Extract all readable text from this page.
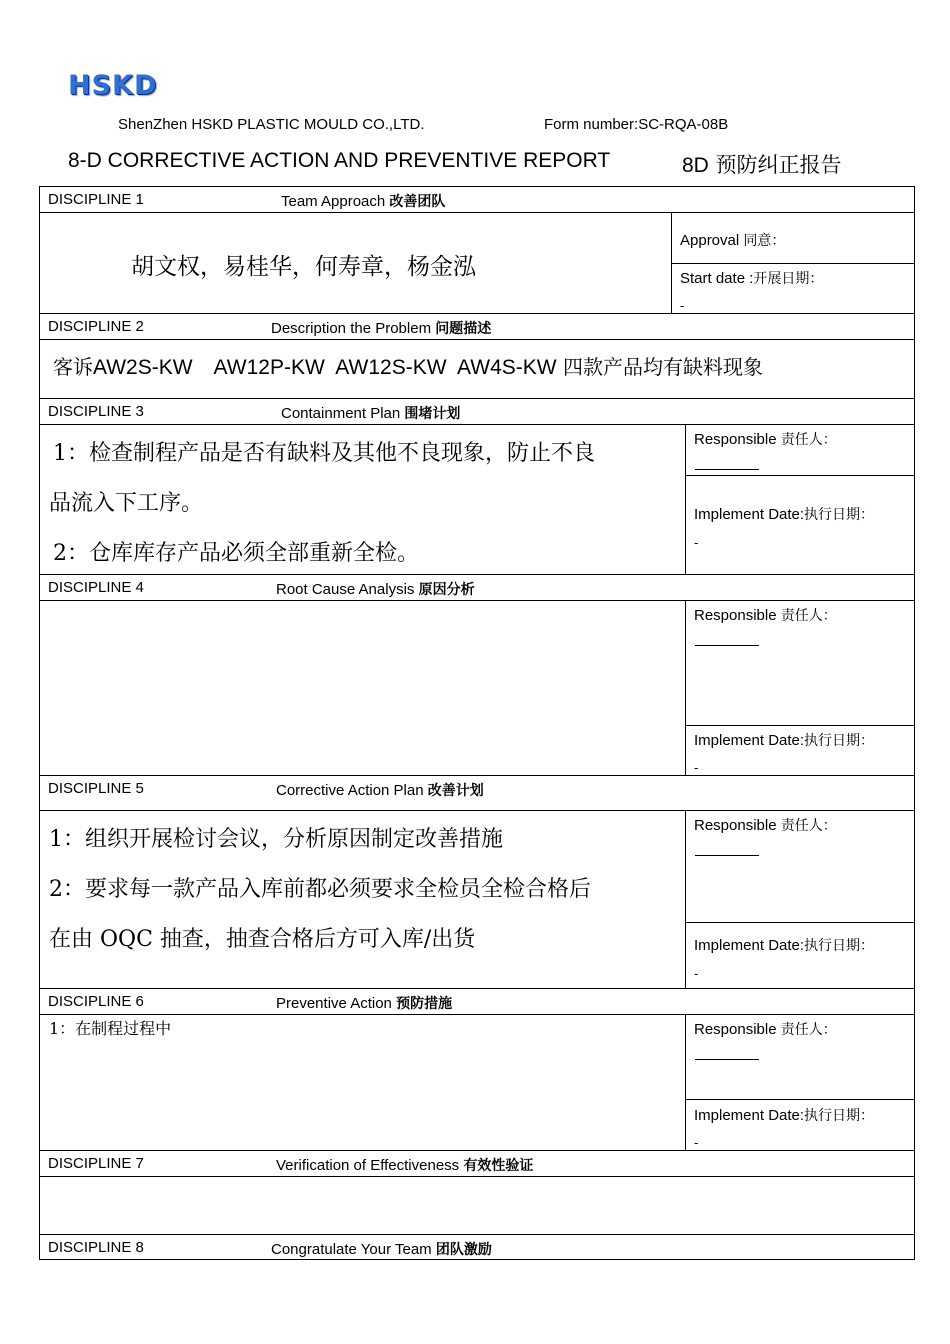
HSKD
ShenZhen HSKD PLASTIC MOULD CO.,LTD.	Form number:SC-RQA-08B
8-D CORRECTIVE ACTION AND PREVENTIVE REPORT	8D 预防纠正报告
DISCIPLINE 1	Team Approach 改善团队
胡文权，易桂华，何寿章，杨金泓
Approval 同意：
Start date :开展日期：
-
DISCIPLINE 2	Description the Problem 问题描述
客诉AW2S-KW　AW12P-KW  AW12S-KW  AW4S-KW 四款产品均有缺料现象
DISCIPLINE 3	Containment Plan 围堵计划
1：检查制程产品是否有缺料及其他不良现象，防止不良
品流入下工序。
2：仓库库存产品必须全部重新全检。
Responsible 责任人：
Implement Date:执行日期：
-
DISCIPLINE 4	Root Cause Analysis 原因分析
Responsible 责任人：
Implement Date:执行日期：
-
DISCIPLINE 5	Corrective Action Plan 改善计划
1：组织开展检讨会议，分析原因制定改善措施
2：要求每一款产品入库前都必须要求全检员全检合格后
在由 OQC 抽查，抽查合格后方可入库/出货
Responsible 责任人：
Implement Date:执行日期：
-
DISCIPLINE 6	Preventive Action 预防措施
1：在制程过程中	Responsible 责任人：
Implement Date:执行日期：
-
DISCIPLINE 7	Verification of Effectiveness 有效性验证
DISCIPLINE 8	Congratulate Your Team 团队激励
